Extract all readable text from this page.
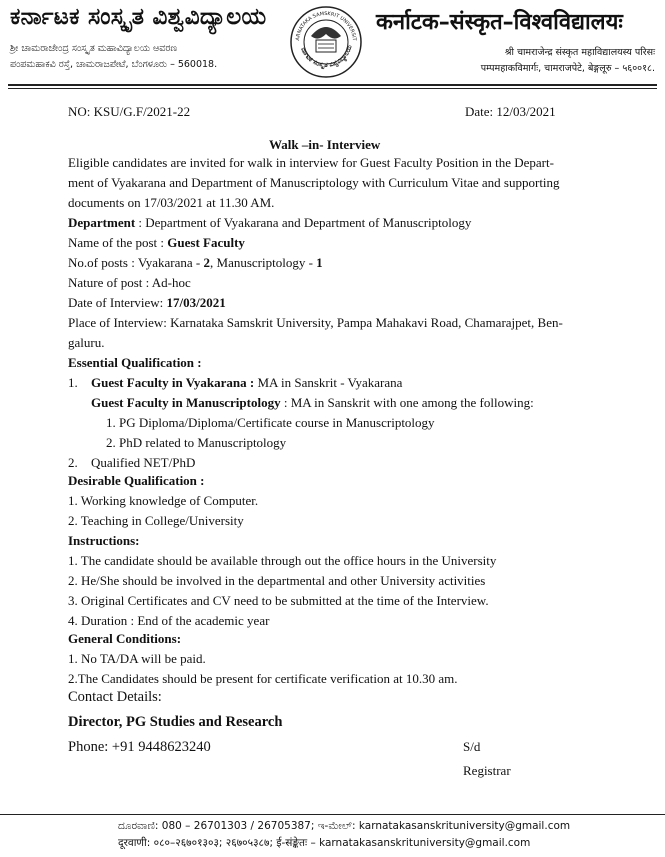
ಕರ್ನಾಟಕ ಸಂಸ್ಕೃತ ವಿಶ್ವವಿದ್ಯಾಲಯ
ಶ್ರೀ ಚಾಮರಾಜೇಂದ್ರ ಸಂಸ್ಕೃತ ಮಹಾವಿದ್ಯಾಲಯ ಆವರಣ
ಪಂಪಮಹಾಕವಿ ರಸ್ತೆ, ಚಾಮರಾಜಪೇಟೆ, ಬೆಂಗಳೂರು – 560018.
ARNATAKA SAMSKRIT UNIVERSIT
ಕರ್ನಾಟಕ ಸಂಸ್ಕೃತ ವಿಶ್ವವಿದ್ಯಾಲಯ
कर्नाटक–संस्कृत–विश्वविद्यालयः
श्री चामराजेन्द्र संस्कृत महाविद्यालयस्य परिसः
पम्पमहाकविमार्गः, चामराजपेटे, बेङ्गलूरु – ५६००१८.
NO: KSU/G.F/2021-22	Date: 12/03/2021
Walk –in- Interview
Eligible candidates are invited for walk in interview for Guest Faculty Position in the Depart-
ment of Vyakarana and Department of Manuscriptology with Curriculum Vitae and supporting
documents on 17/03/2021 at 11.30 AM.
Department : Department of Vyakarana and Department of Manuscriptology
Name of the post : Guest Faculty
No.of posts : Vyakarana - 2, Manuscriptology - 1
Nature of post : Ad-hoc
Date of Interview: 17/03/2021
Place of Interview: Karnataka Samskrit University, Pampa Mahakavi Road, Chamarajpet, Ben-
galuru.
Essential Qualification :
1. Guest Faculty in Vyakarana : MA in Sanskrit - Vyakarana
Guest Faculty in Manuscriptology : MA in Sanskrit with one among the following:
1. PG Diploma/Diploma/Certificate course in Manuscriptology
2. PhD related to Manuscriptology
2. Qualified NET/PhD
Desirable Qualification :
1. Working knowledge of Computer.
2. Teaching in College/University
Instructions:
1. The candidate should be available through out the office hours in the University
2. He/She should be involved in the departmental and other University activities
3. Original Certificates and CV need to be submitted at the time of the Interview.
4. Duration : End of the academic year
General Conditions:
1. No TA/DA will be paid.
2.The Candidates should be present for certificate verification at 10.30 am.
Contact Details:
Director, PG Studies and Research
Phone: +91 9448623240	S/d
Registrar
ದೂರವಾಣಿ: 080 – 26701303 / 26705387; ಇ-ಮೇಲ್: karnatakasanskrituniversity@gmail.com
दूरवाणी: ०८०–२६७०१३०३; २६७०५३८७; ई-संङ्केतः – karnatakasanskrituniversity@gmail.com
